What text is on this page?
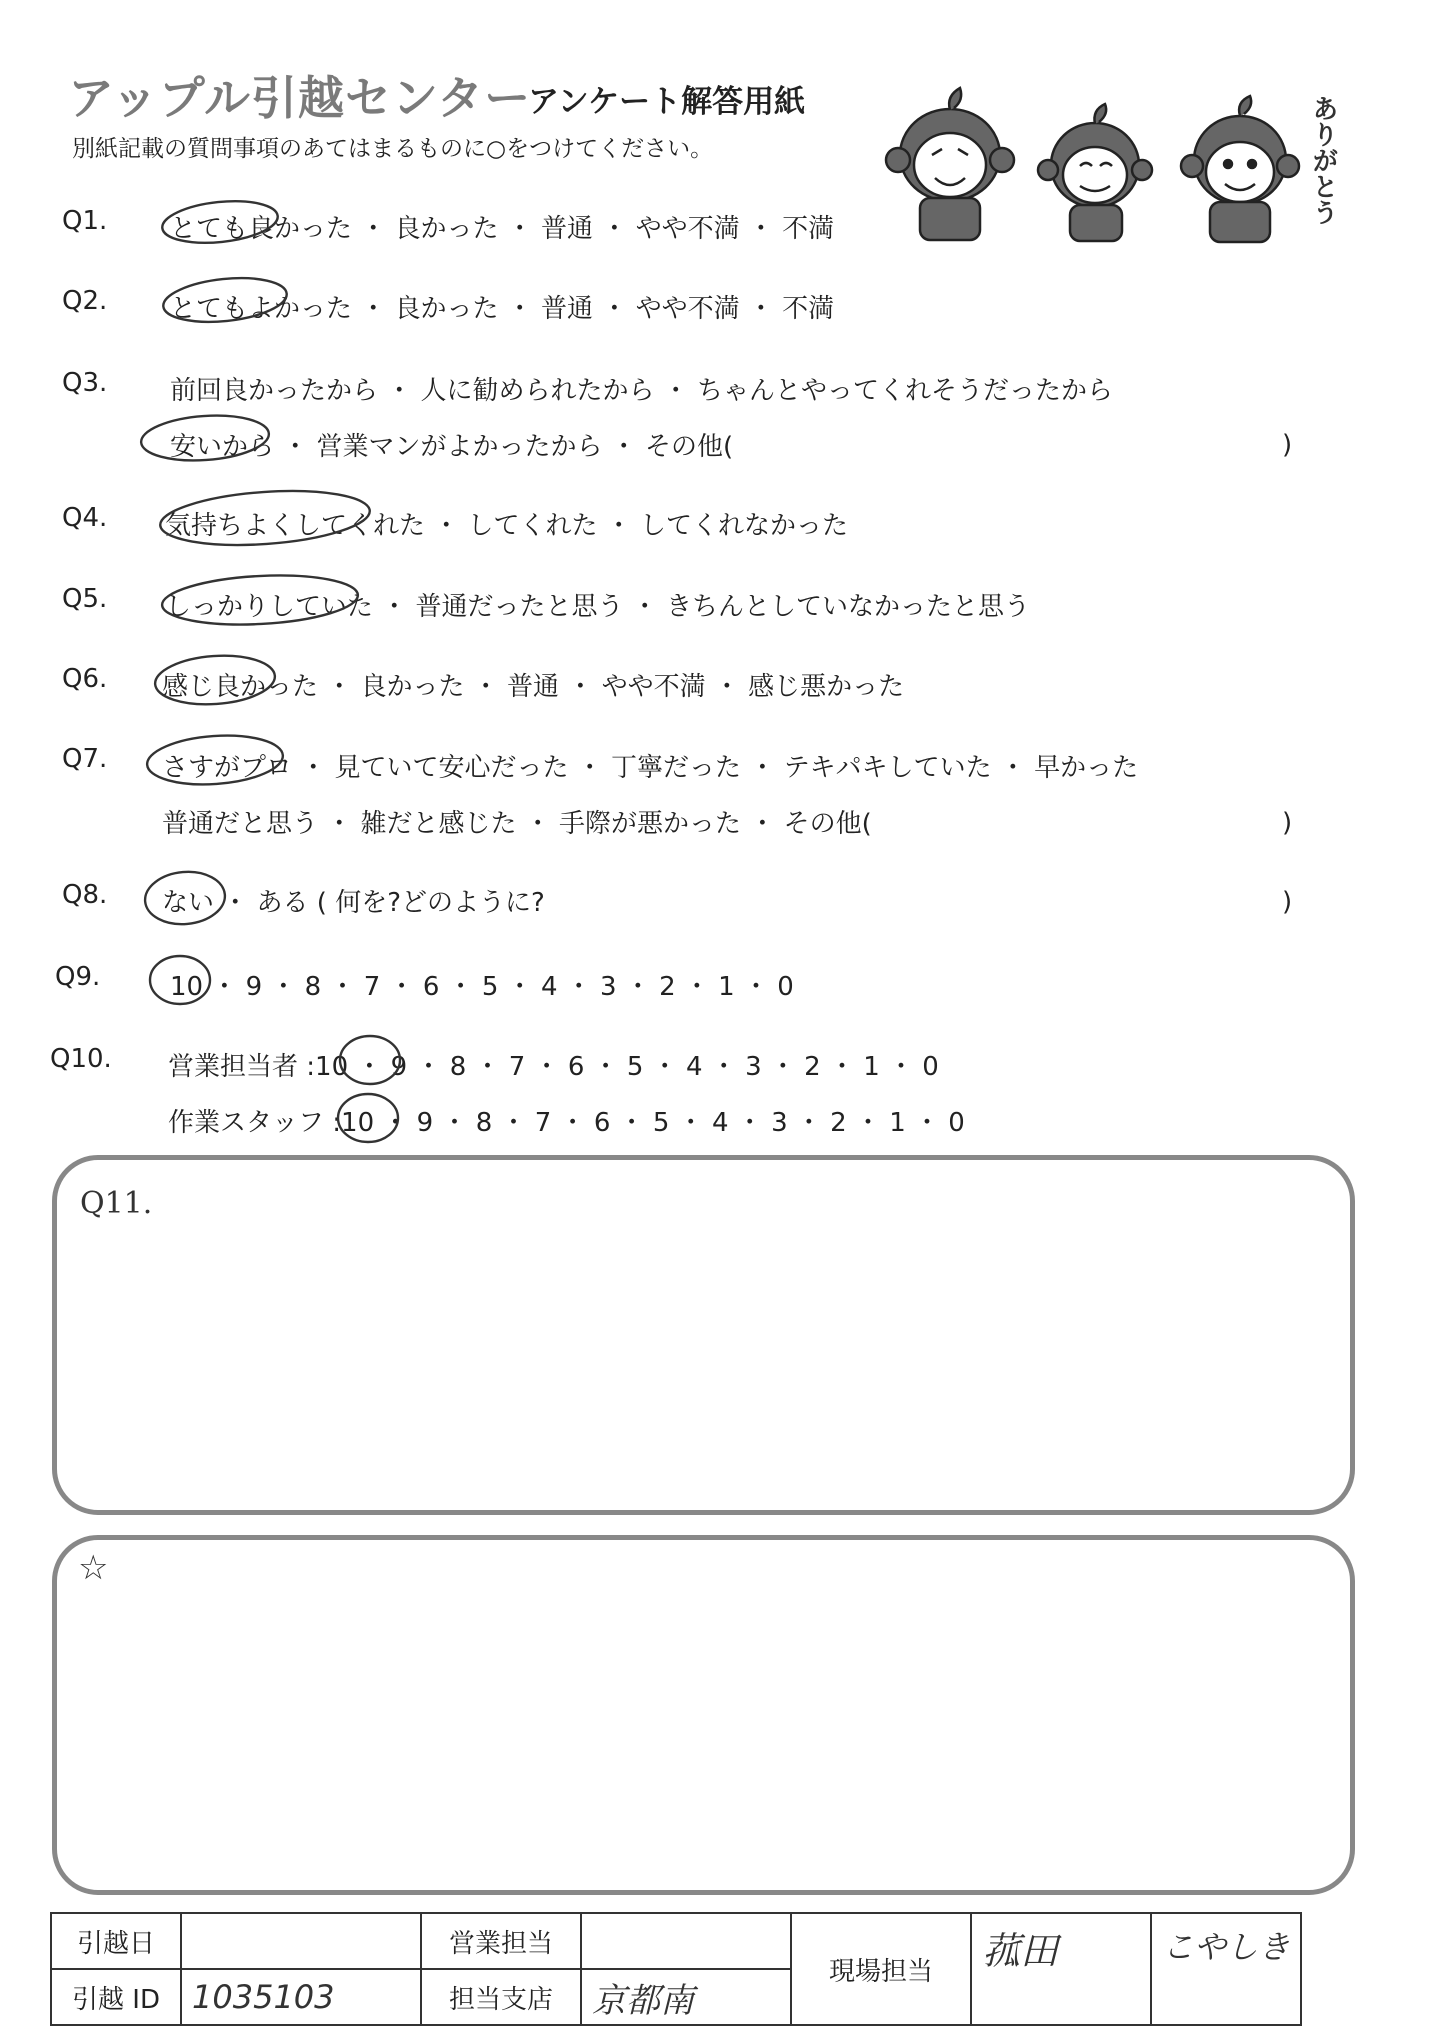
アップル引越センター
アンケート解答用紙
別紙記載の質問事項のあてはまるものに○をつけてください。	ありがとう
Q1. とても良かった ・ 良かった ・ 普通 ・ やや不満 ・ 不満
Q2. とてもよかった ・ 良かった ・ 普通 ・ やや不満 ・ 不満
Q3. 前回良かったから ・ 人に勧められたから ・ ちゃんとやってくれそうだったから
安いから ・ 営業マンがよかったから ・ その他(	)
Q4. 気持ちよくしてくれた ・ してくれた ・ してくれなかった
Q5. しっかりしていた ・ 普通だったと思う ・ きちんとしていなかったと思う
Q6. 感じ良かった ・ 良かった ・ 普通 ・ やや不満 ・ 感じ悪かった
Q7. さすがプロ ・ 見ていて安心だった ・ 丁寧だった ・ テキパキしていた ・ 早かった
普通だと思う ・ 雑だと感じた ・ 手際が悪かった ・ その他(	)
Q8. ない ・ ある ( 何を?どのように?	)
Q9.	10 ・ 9 ・ 8 ・ 7 ・ 6 ・ 5 ・ 4 ・ 3 ・ 2 ・ 1 ・ 0
Q10. 営業担当者 :10 ・ 9 ・ 8 ・ 7 ・ 6 ・ 5 ・ 4 ・ 3 ・ 2 ・ 1 ・ 0
作業スタッフ :10 ・ 9 ・ 8 ・ 7 ・ 6 ・ 5 ・ 4 ・ 3 ・ 2 ・ 1 ・ 0
Q11.
☆
引越日		営業担当		現場担当	菰田	こやしき
引越 ID	1035103	担当支店	京都南			
